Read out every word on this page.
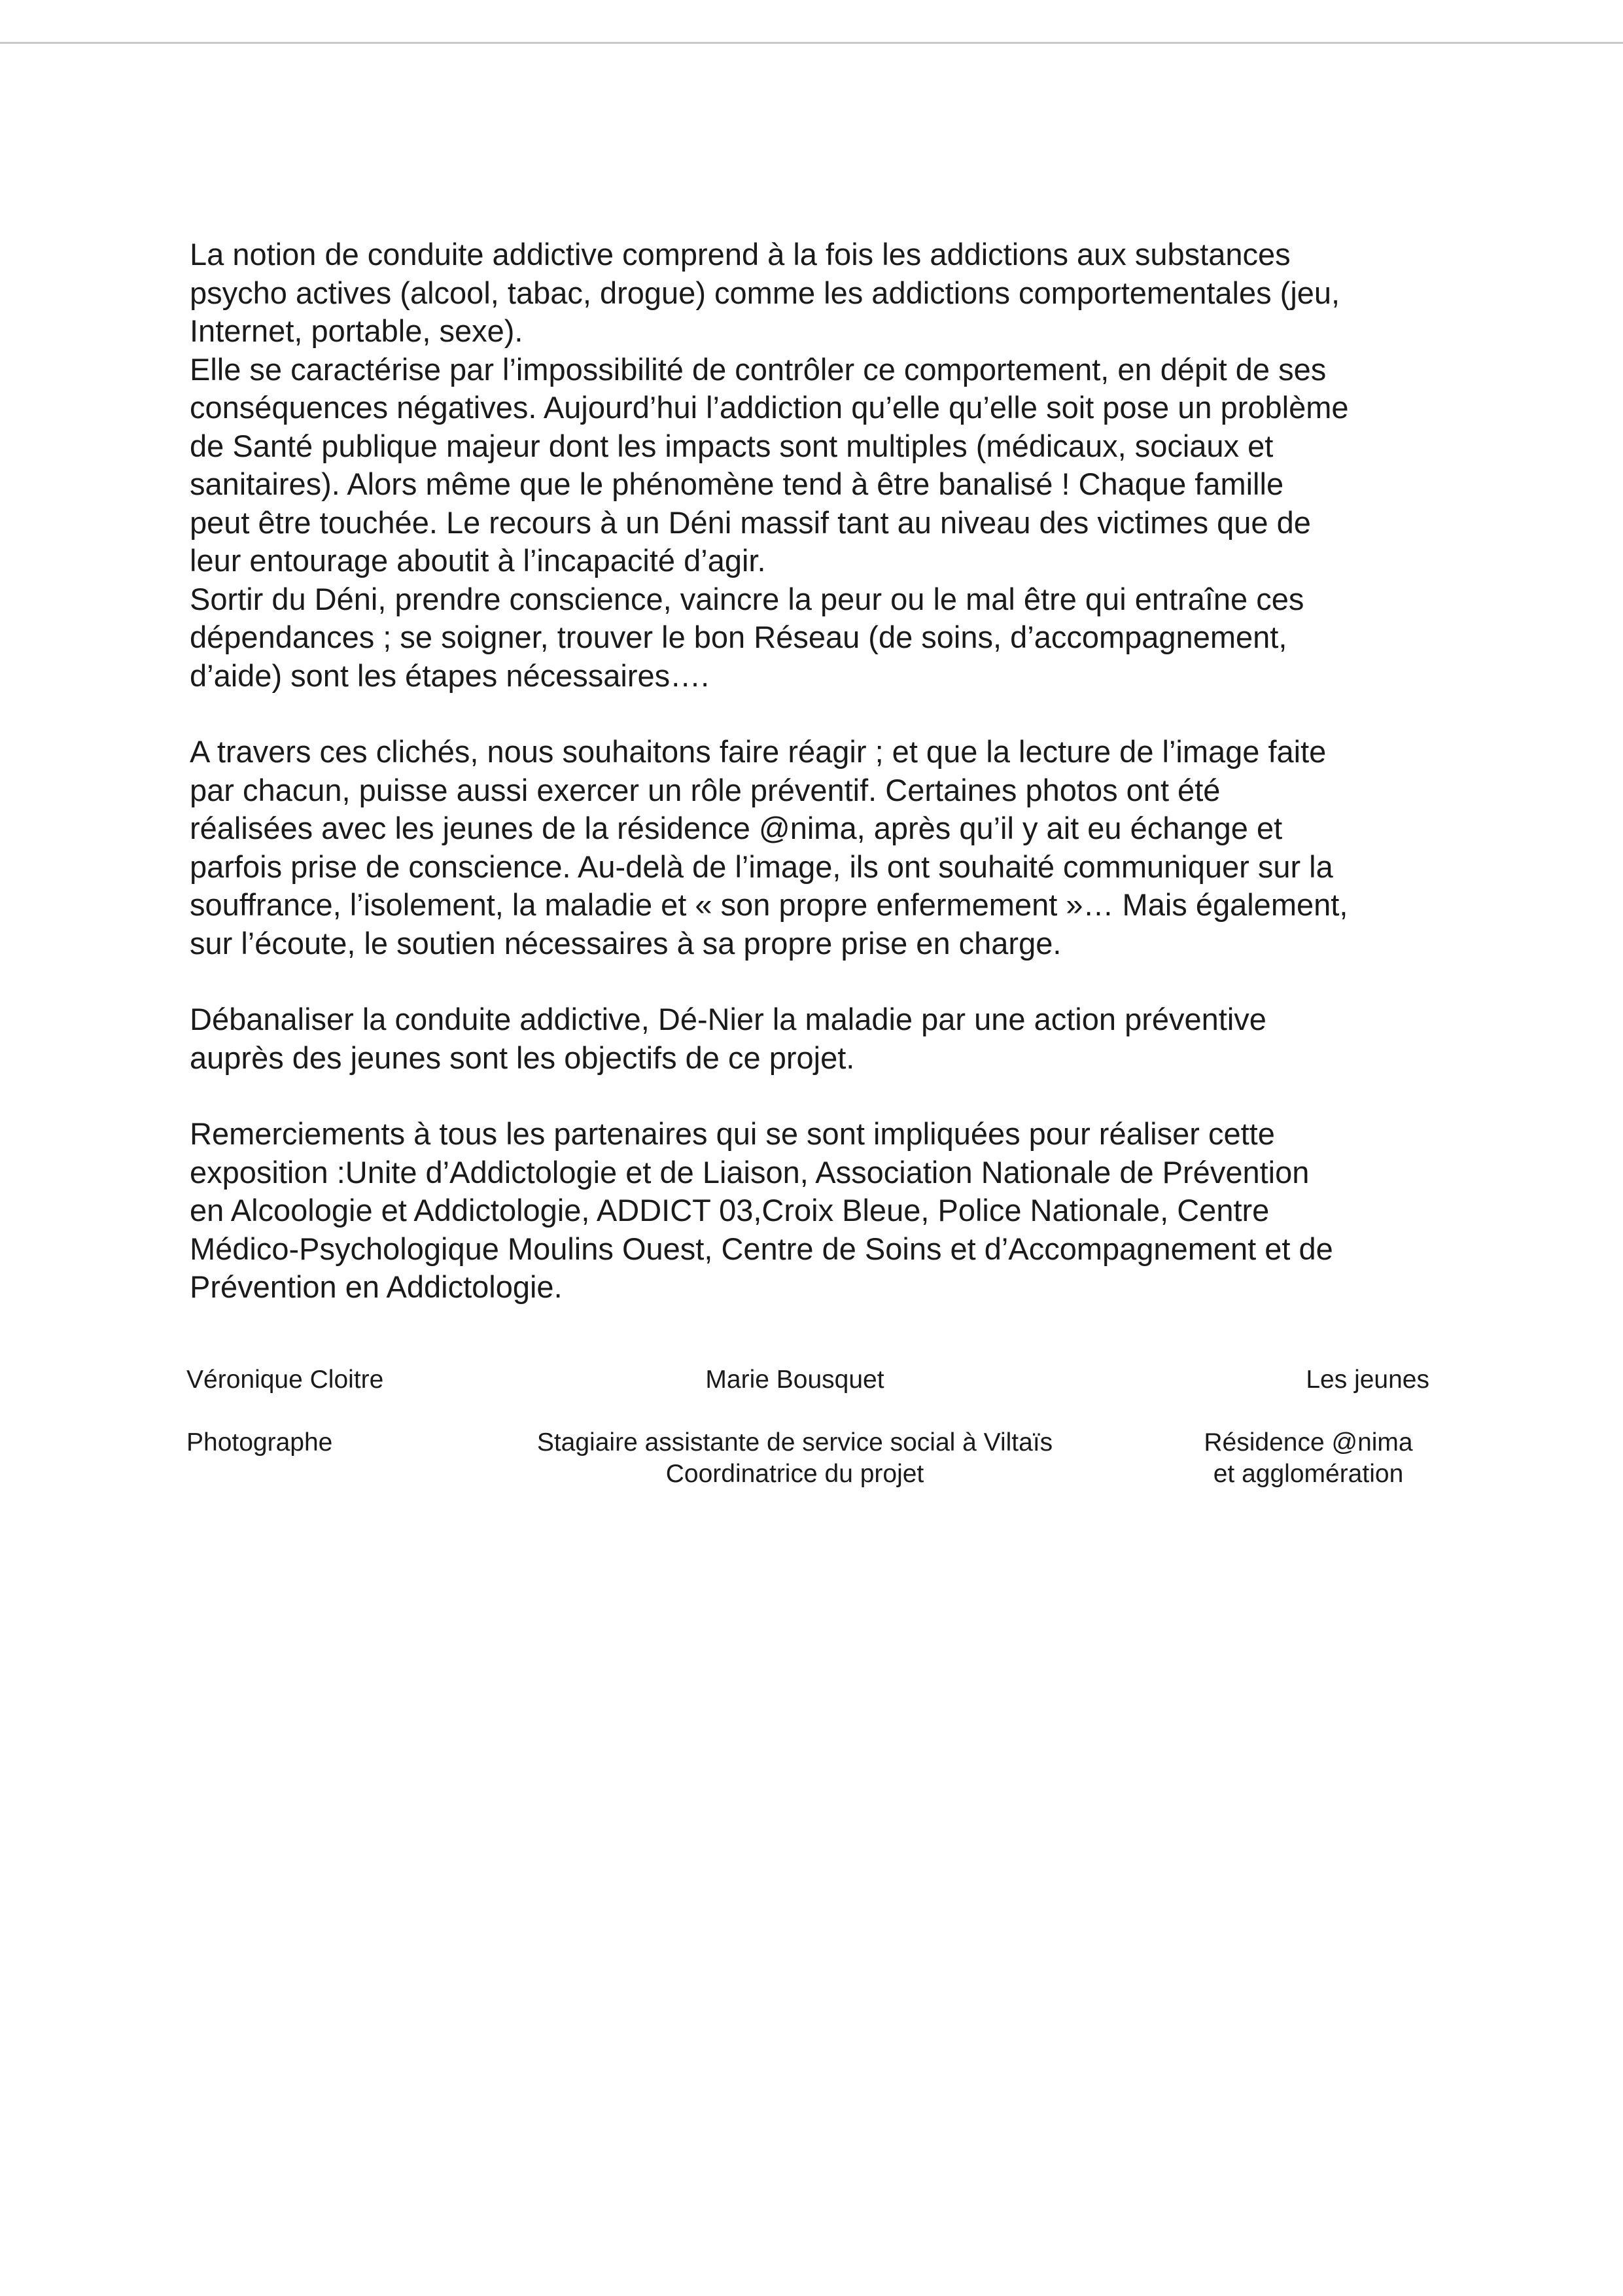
La notion de conduite addictive comprend à la fois les addictions aux substances
psycho actives (alcool, tabac, drogue) comme les addictions comportementales (jeu,
Internet, portable, sexe).
Elle se caractérise par l’impossibilité de contrôler ce comportement, en dépit de ses
conséquences négatives. Aujourd’hui l’addiction qu’elle qu’elle soit pose un problème
de Santé publique majeur dont les impacts sont multiples (médicaux, sociaux et
sanitaires). Alors même que le phénomène tend à être banalisé ! Chaque famille
peut être touchée. Le recours à un Déni massif tant au niveau des victimes que de
leur entourage aboutit à l’incapacité d’agir.
Sortir du Déni, prendre conscience, vaincre la peur ou le mal être qui entraîne ces
dépendances ; se soigner, trouver le bon Réseau (de soins, d’accompagnement,
d’aide) sont les étapes nécessaires….

A travers ces clichés, nous souhaitons faire réagir ; et que la lecture de l’image faite
par chacun, puisse aussi exercer un rôle préventif. Certaines photos ont été
réalisées avec les jeunes de la résidence @nima, après qu’il y ait eu échange et
parfois prise de conscience. Au-delà de l’image, ils ont souhaité communiquer sur la
souffrance, l’isolement, la maladie et « son propre enfermement »… Mais également,
sur l’écoute, le soutien nécessaires à sa propre prise en charge.

Débanaliser la conduite addictive, Dé-Nier la maladie par une action préventive
auprès des jeunes sont les objectifs de ce projet.

Remerciements à tous les partenaires qui se sont impliquées pour réaliser cette
exposition :Unite d’Addictologie et de Liaison, Association Nationale de Prévention
en Alcoologie et Addictologie, ADDICT 03,Croix Bleue, Police Nationale, Centre
Médico-Psychologique Moulins Ouest, Centre de Soins et d’Accompagnement et de
Prévention en Addictologie.

Véronique Cloitre
Photographe
Marie Bousquet
Stagiaire assistante de service social à Viltaïs
Coordinatrice du projet
Les jeunes
Résidence @nima
et agglomération
